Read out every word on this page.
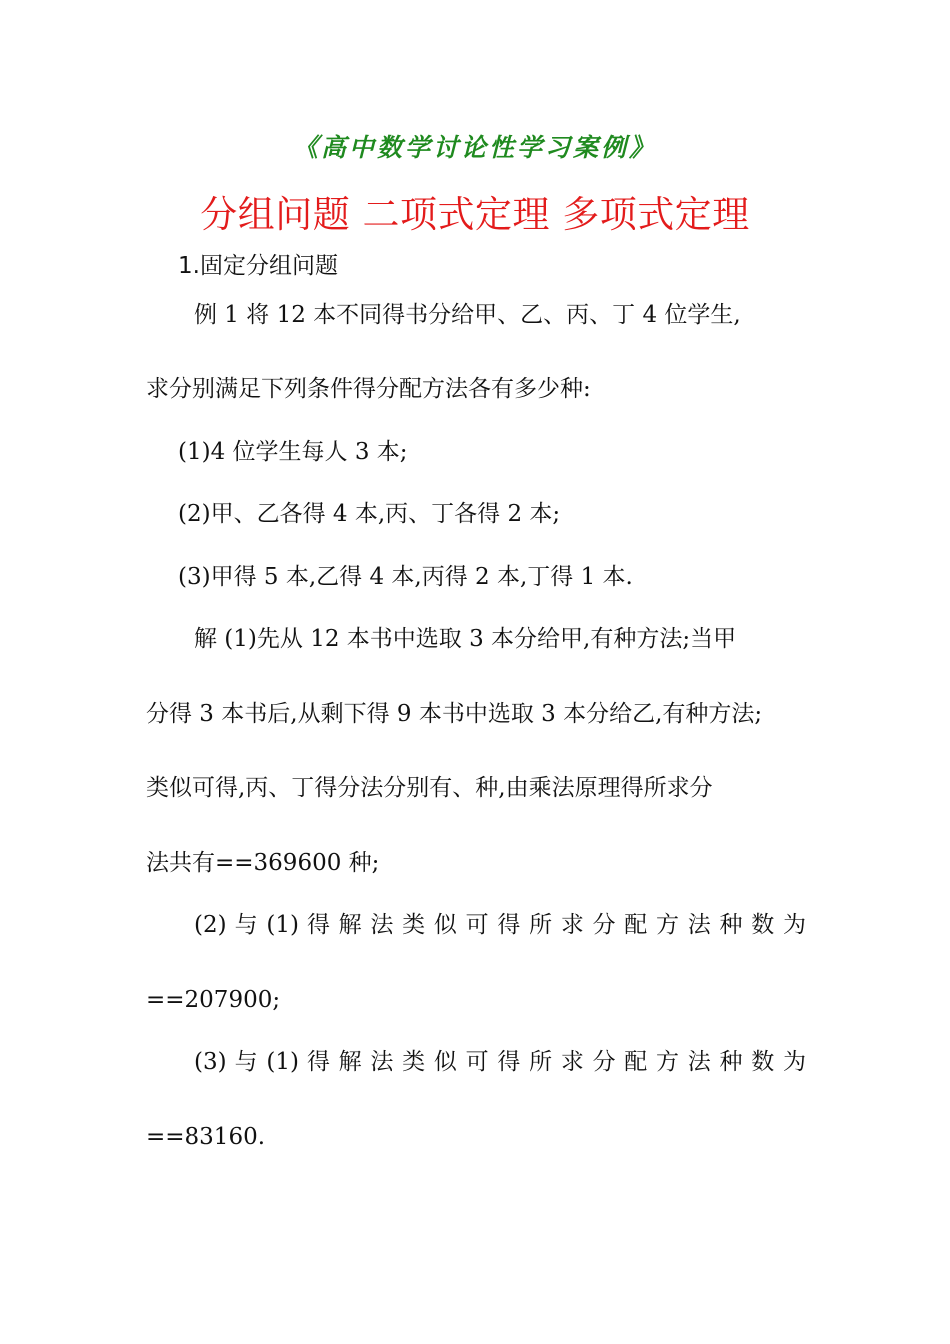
《高中数学讨论性学习案例》
分组问题 二项式定理 多项式定理
1.固定分组问题
例 1 将 12 本不同得书分给甲、乙、丙、丁 4 位学生,
求分别满足下列条件得分配方法各有多少种:
(1)4 位学生每人 3 本;
(2)甲、乙各得 4 本,丙、丁各得 2 本;
(3)甲得 5 本,乙得 4 本,丙得 2 本,丁得 1 本.
解 (1)先从 12 本书中选取 3 本分给甲,有种方法;当甲
分得 3 本书后,从剩下得 9 本书中选取 3 本分给乙,有种方法;
类似可得,丙、丁得分法分别有、种,由乘法原理得所求分
法共有==369600 种;
(2) 与 (1) 得 解 法 类 似 可 得 所 求 分 配 方 法 种 数 为
==207900;
(3) 与 (1) 得 解 法 类 似 可 得 所 求 分 配 方 法 种 数 为
==83160.
